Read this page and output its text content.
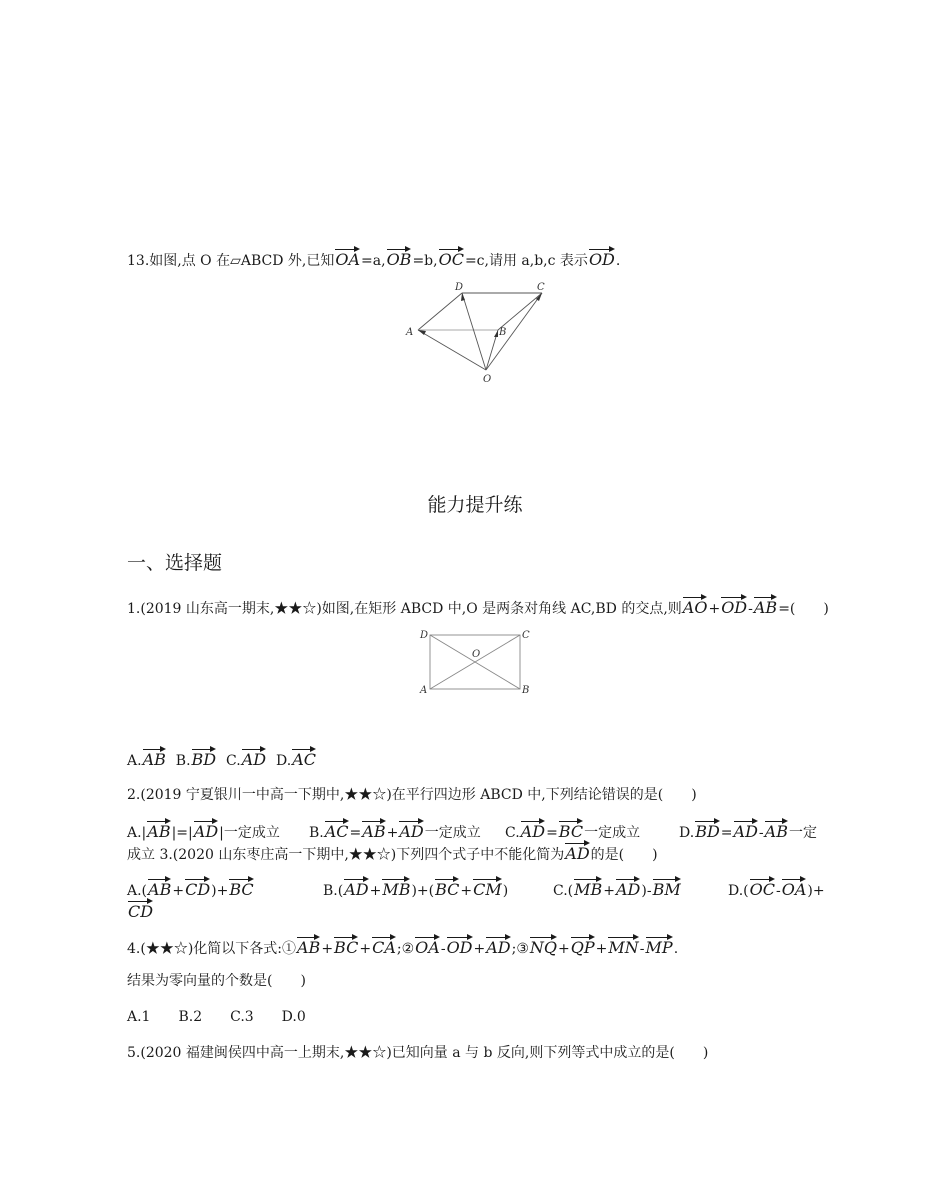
13.如图,点 O 在▱ABCD 外,已知OA=a,OB=b,OC=c,请用 a,b,c 表示OD.
D	C
A	B
O
能力提升练
一、选择题
1.(2019 山东高一期末,★★☆)如图,在矩形 ABCD 中,O 是两条对角线 AC,BD 的交点,则AO+OD-AB=(　　)
D	C
A	B
O
A.AB B.BD C.AD D.AC
2.(2019 宁夏银川一中高一下期中,★★☆)在平行四边形 ABCD 中,下列结论错误的是(　　)
A.|AB|=|AD|一定成立 B.AC=AB+AD一定成立 C.AD=BC一定成立	D.BD=AD-AB一定
成立 3.(2020 山东枣庄高一下期中,★★☆)下列四个式子中不能化简为AD的是(　　)
A.(AB+CD)+BC	B.(AD+MB)+(BC+CM)	C.(MB+AD)-BM	D.(OC-OA)+
CD
4.(★★☆)化简以下各式:①AB+BC+CA;②OA-OD+AD;③NQ+QP+MN-MP.
结果为零向量的个数是(　　)
A.1　　B.2　　C.3　　D.0
5.(2020 福建闽侯四中高一上期末,★★☆)已知向量 a 与 b 反向,则下列等式中成立的是(　　)
